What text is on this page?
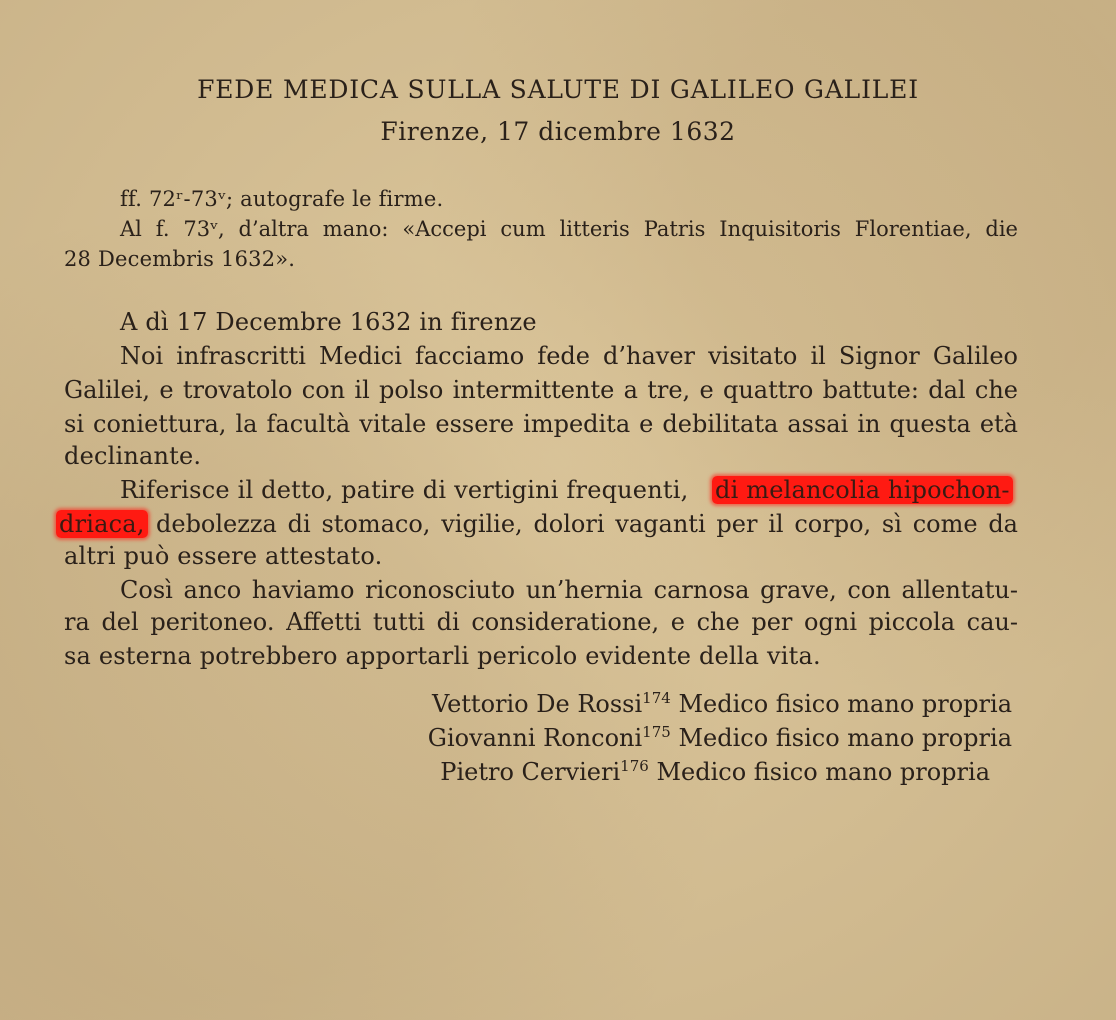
FEDE MEDICA SULLA SALUTE DI GALILEO GALILEI
Firenze, 17 dicembre 1632
ff. 72ʳ-73ᵛ; autografe le firme.
Al f. 73ᵛ, d’altra mano: «Accepi cum litteris Patris Inquisitoris Florentiae, die
28 Decembris 1632».
A dì 17 Decembre 1632 in firenze
Noi infrascritti Medici facciamo fede d’haver visitato il Signor Galileo
Galilei, e trovatolo con il polso intermittente a tre, e quattro battute: dal che
si coniettura, la facultà vitale essere impedita e debilitata assai in questa età
declinante.
Riferisce il detto, patire di vertigini frequenti, di melancolia hipochon-
driaca, debolezza di stomaco, vigilie, dolori vaganti per il corpo, sì come da
altri può essere attestato.
Così anco haviamo riconosciuto un’hernia carnosa grave, con allentatu-
ra del peritoneo. Affetti tutti di consideratione, e che per ogni piccola cau-
sa esterna potrebbero apportarli pericolo evidente della vita.
Vettorio De Rossi$^{174}$ Medico fisico mano propria
Giovanni Ronconi$^{175}$ Medico fisico mano propria
Pietro Cervieri$^{176}$ Medico fisico mano propria
